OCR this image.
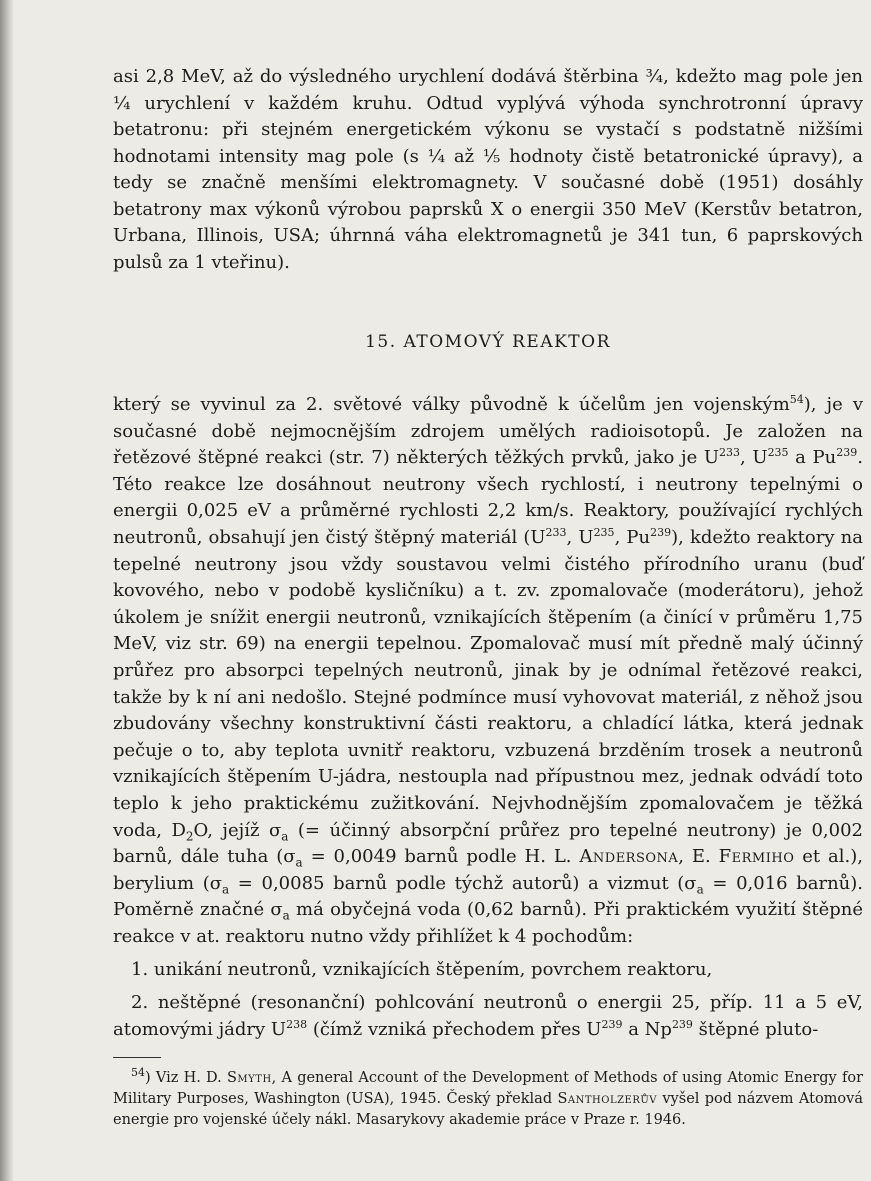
asi 2,8 MeV, až do výsledného urychlení dodává štěrbina ¾, kdežto mag pole jen ¼ urychlení v každém kruhu. Odtud vyplývá výhoda synchrotronní úpravy betatronu: při stejném energetickém výkonu se vystačí s podstatně nižšími hodnotami intensity mag pole (s ¼ až ⅕ hodnoty čistě betatronické úpravy), a tedy se značně menšími elektromagnety. V současné době (1951) dosáhly betatrony max výkonů výrobou paprsků X o energii 350 MeV (Kerstův betatron, Urbana, Illinois, USA; úhrnná váha elektromagnetů je 341 tun, 6 paprskových pulsů za 1 vteřinu).

15. ATOMOVÝ REAKTOR

který se vyvinul za 2. světové války původně k účelům jen vojenským$^{54}$), je v současné době nejmocnějším zdrojem umělých radioisotopů. Je založen na řetězové štěpné reakci (str. 7) některých těžkých prvků, jako je $U^{233}$, $U^{235}$ a Pu$^{239}$. Této reakce lze dosáhnout neutrony všech rychlostí, i neutrony tepelnými o energii 0,025 eV a průměrné rychlosti 2,2 km/s. Reaktory, používající rychlých neutronů, obsahují jen čistý štěpný materiál ($U^{233}$, $U^{235}$, Pu$^{239}$), kdežto reaktory na tepelné neutrony jsou vždy soustavou velmi čistého přírodního uranu (buď kovového, nebo v podobě kysličníku) a t. zv. zpomalovače (moderátoru), jehož úkolem je snížit energii neutronů, vznikajících štěpením (a činící v průměru 1,75 MeV, viz str. 69) na energii tepelnou. Zpomalovač musí mít předně malý účinný průřez pro absorpci tepelných neutronů, jinak by je odnímal řetězové reakci, takže by k ní ani nedošlo. Stejné podmínce musí vyhovovat materiál, z něhož jsou zbudovány všechny konstruktivní části reaktoru, a chladící látka, která jednak pečuje o to, aby teplota uvnitř reaktoru, vzbuzená brzděním trosek a neutronů vznikajících štěpením U-jádra, nestoupla nad přípustnou mez, jednak odvádí toto teplo k jeho praktickému zužitkování. Nejvhodnějším zpomalovačem je těžká voda, $D_2O$, jejíž $\sigma_a$ (= účinný absorpční průřez pro tepelné neutrony) je 0,002 barnů, dále tuha ($\sigma_a = 0,0049$ barnů podle H. L. Andersona, E. Fermiho et al.), berylium ($\sigma_a = 0,0085$ barnů podle týchž autorů) a vizmut ($\sigma_a = 0,016$ barnů). Poměrně značné $\sigma_a$ má obyčejná voda (0,62 barnů). Při praktickém využití štěpné reakce v at. reaktoru nutno vždy přihlížet k 4 pochodům:

1. unikání neutronů, vznikajících štěpením, povrchem reaktoru,

2. neštěpné (resonanční) pohlcování neutronů o energii 25, příp. 11 a 5 eV, atomovými jádry $U^{238}$ (čímž vzniká přechodem přes $U^{239}$ a Np$^{239}$ štěpné pluto-

$^{54}$) Viz H. D. Smyth, A general Account of the Development of Methods of using Atomic Energy for Military Purposes, Washington (USA), 1945. Český překlad Santholzerův vyšel pod názvem Atomová energie pro vojenské účely nákl. Masarykovy akademie práce v Praze r. 1946.
